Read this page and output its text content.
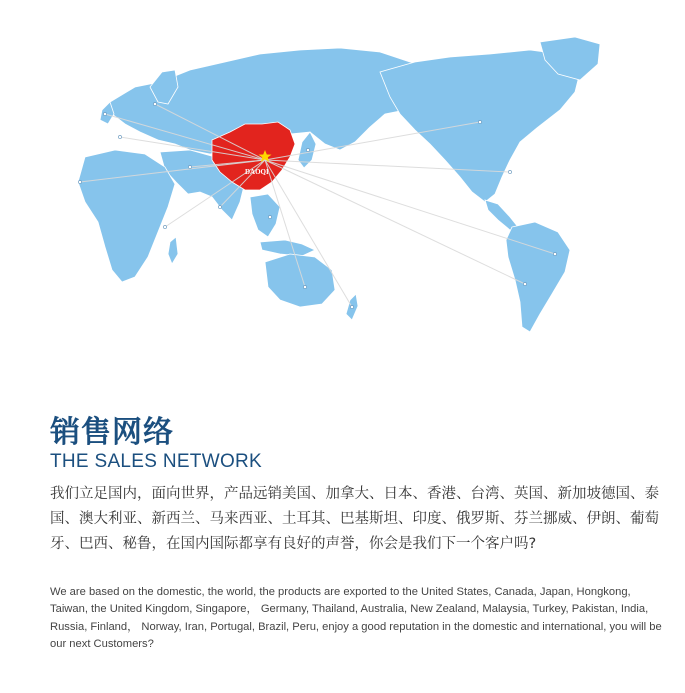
DAOQI
销售网络
THE SALES NETWORK
我们立足国内，面向世界，产品远销美国、加拿大、日本、香港、台湾、英国、新加坡德国、泰国、澳大利亚、新西兰、马来西亚、土耳其、巴基斯坦、印度、俄罗斯、芬兰挪威、伊朗、葡萄牙、巴西、秘鲁，在国内国际都享有良好的声誉，你会是我们下一个客户吗?
We are based on the domestic, the world, the products are exported to the United States, Canada, Japan, Hongkong, Taiwan, the United Kingdom, Singapore， Germany, Thailand, Australia, New Zealand, Malaysia, Turkey, Pakistan, India, Russia, Finland， Norway, Iran, Portugal, Brazil, Peru, enjoy a good reputation in the domestic and international, you will be our next Customers?
